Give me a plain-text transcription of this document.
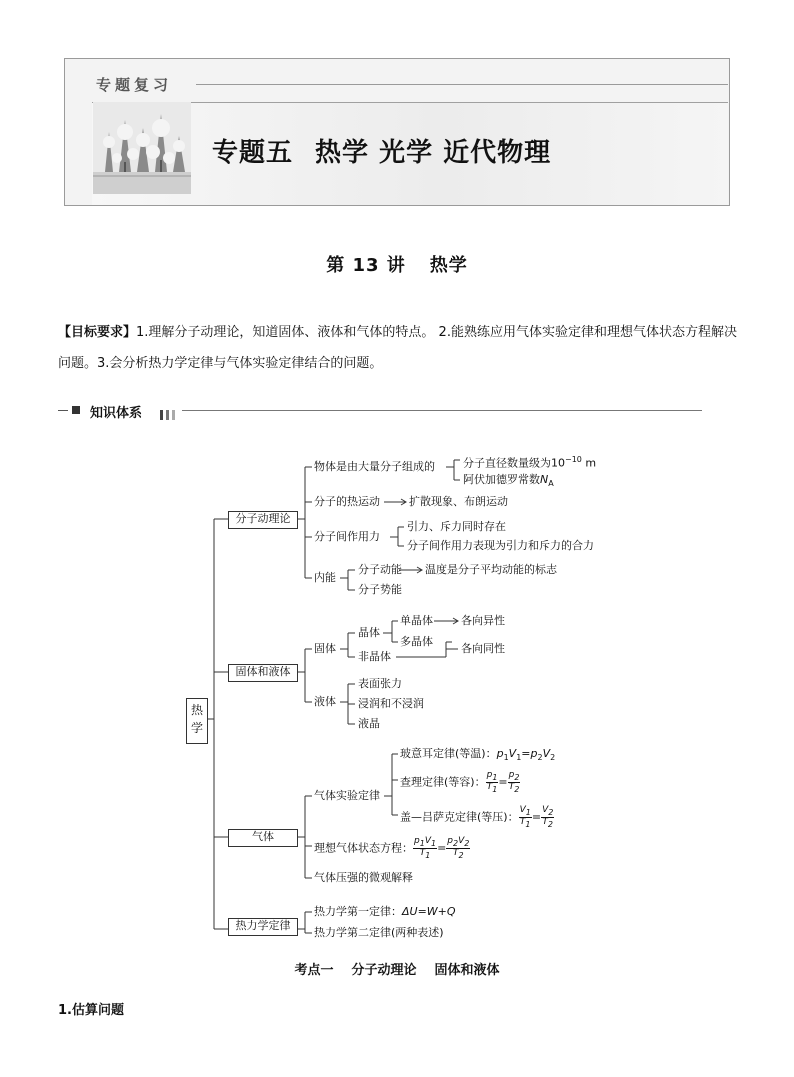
专题复习
专题五 热学 光学 近代物理
第 13 讲 热学
【目标要求】1.理解分子动理论，知道固体、液体和气体的特点。 2.能熟练应用气体实验定律和理想气体状态方程解决问题。3.会分析热力学定律与气体实验定律结合的问题。
知识体系
热学
分子动理论
固体和液体
气体
热力学定律
物体是由大量分子组成的	分子直径数量级为$10^{-10}$ m
阿伏加德罗常数$N_A$
分子的热运动	扩散现象、布朗运动
分子间作用力
引力、斥力同时存在
分子间作用力表现为引力和斥力的合力
内能
分子动能 温度是分子平均动能的标志
分子势能
固体
晶体
单晶体	各向异性
多晶体
非晶体
各向同性
液体
表面张力
浸润和不浸润
液晶
气体实验定律
玻意耳定律(等温)：$p_1V_1=p_2V_2$
查理定律(等容)： $\frac{p_1}{T_1} = \frac{p_2}{T_2}$
盖—吕萨克定律(等压)： $\frac{V_1}{T_1} = \frac{V_2}{T_2}$
理想气体状态方程： $\frac{p_1V_1}{T_1} = \frac{p_2V_2}{T_2}$
气体压强的微观解释
热力学第一定律：ΔU=W+Q
热力学第二定律(两种表述)
考点一 分子动理论 固体和液体
1.估算问题
